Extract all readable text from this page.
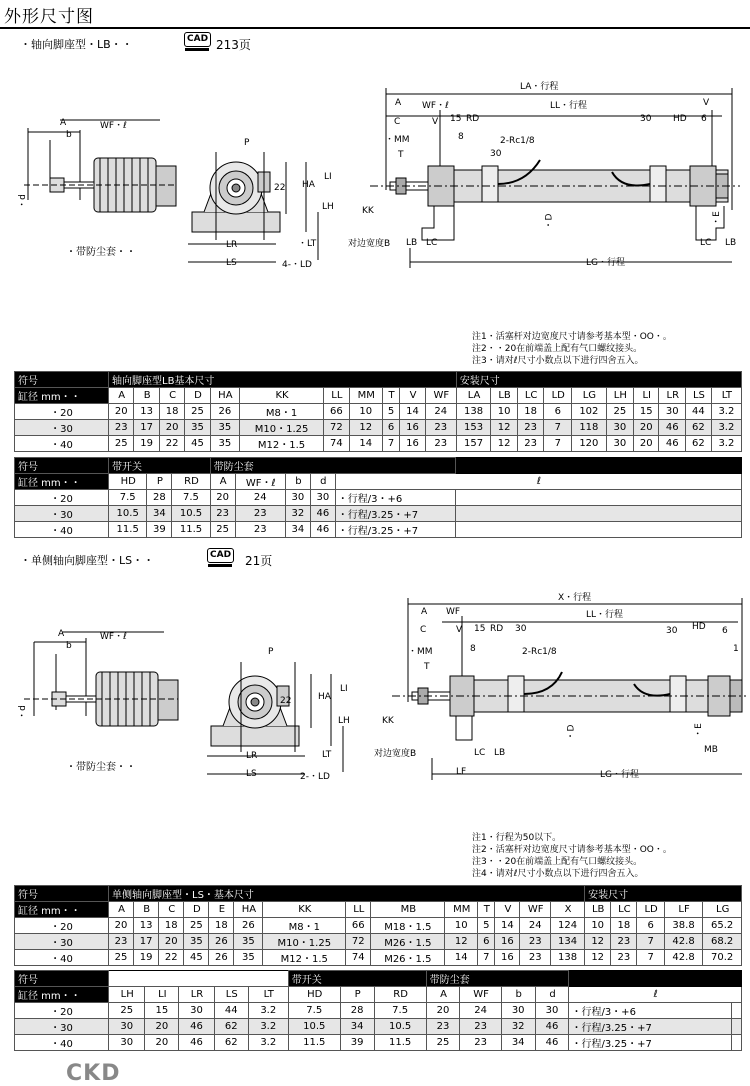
外形尺寸图
・轴向脚座型・LB・・	CAD 213页
A
b
WF・ℓ
・d
・带防尘套・・
P
22 HA
LI
LH
・LT
LR
LS	4-・LD
LA・行程
A WF・ℓ	LL・行程	V
C	V 15 RD	30 HD 6
・MM	8	2-Rc1/8
30
T
KK
对边宽度B
・D	・E
LB LC	LC LB
LG・行程
注1・活塞杆对边宽度尺寸请参考基本型・OO・。
注2・・20在前端盖上配有气口螺纹接头。
注3・请对ℓ尺寸小数点以下进行四舍五入。
符号	轴向脚座型LB基本尺寸											安装尺寸									
缸径 mm・・	A	B	C	D	HA	KK	LL	MM	T	V	WF	LA	LB	LC	LD	LG	LH	LI	LR	LS	LT
・20	20	13	18	25	26	M8・1	66	10	5	14	24	138	10	18	6	102	25	15	30	44	3.2
・30	23	17	20	35	35	M10・1.25	72	12	6	16	23	153	12	23	7	118	30	20	46	62	3.2
・40	25	19	22	45	35	M12・1.5	74	14	7	16	23	157	12	23	7	120	30	20	46	62	3.2
符号	带开关			带防尘套					
缸径 mm・・	HD	P	RD	A	WF・ℓ	b	d	ℓ	
・20	7.5	28	7.5	20	24	30	30	・行程/3・+6	
・30	10.5	34	10.5	23	23	32	46	・行程/3.25・+7	
・40	11.5	39	11.5	25	23	34	46	・行程/3.25・+7	
・单侧轴向脚座型・LS・・	CAD 21页
A
b
WF・ℓ
・d
・带防尘套・・
P
22	HA
LI
LH
LT
LR
LS	2-・LD
X・行程
A WF	LL・行程
C	V 15 RD 30	30 HD 6
・MM	8	2-Rc1/8	1
T
KK
对边宽度B
・D	・E
MB
LC LB
LF	LG・行程
注1・行程为50以下。
注2・活塞杆对边宽度尺寸请参考基本型・OO・。
注3・・20在前端盖上配有气口螺纹接头。
注4・请对ℓ尺寸小数点以下进行四舍五入。
符号	单侧轴向脚座型・LS・基本尺寸														安装尺寸				
缸径 mm・・	A	B	C	D	E	HA	KK	LL	MB	MM	T	V	WF	X	LB	LC	LD	LF	LG
・20	20	13	18	25	18	26	M8・1	66	M18・1.5	10	5	14	24	124	10	18	6	38.8	65.2
・30	23	17	20	35	26	35	M10・1.25	72	M26・1.5	12	6	16	23	134	12	23	7	42.8	68.2
・40	25	19	22	45	26	35	M12・1.5	74	M26・1.5	14	7	16	23	138	12	23	7	42.8	70.2
符号						带开关			带防尘套					
缸径 mm・・	LH	LI	LR	LS	LT	HD	P	RD	A	WF	b	d	ℓ	
・20	25	15	30	44	3.2	7.5	28	7.5	20	24	30	30	・行程/3・+6	
・30	30	20	46	62	3.2	10.5	34	10.5	23	23	32	46	・行程/3.25・+7	
・40	30	20	46	62	3.2	11.5	39	11.5	25	23	34	46	・行程/3.25・+7	
CKD
